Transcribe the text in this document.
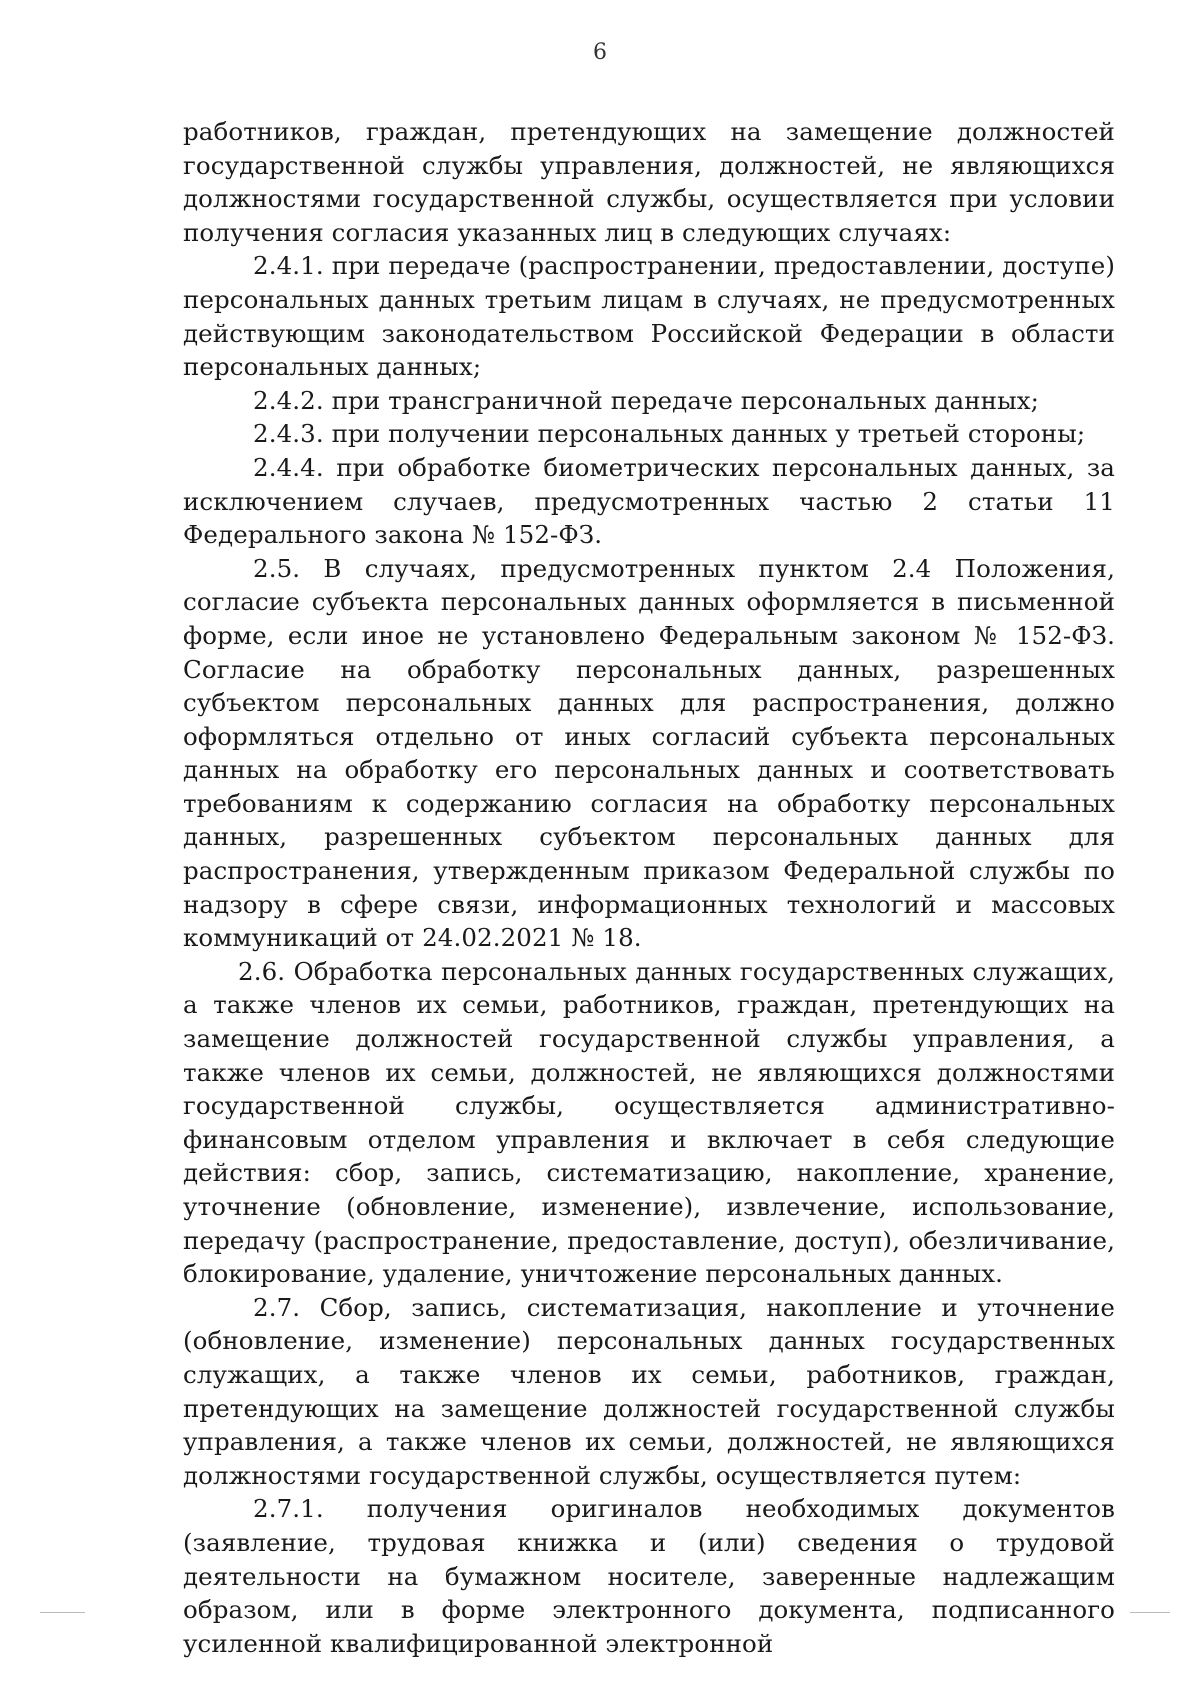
6

работников, граждан, претендующих на замещение должностей государственной службы управления, должностей, не являющихся должностями государственной службы, осуществляется при условии получения согласия указанных лиц в следующих случаях:

2.4.1. при передаче (распространении, предоставлении, доступе) персональных данных третьим лицам в случаях, не предусмотренных действующим законодательством Российской Федерации в области персональных данных;

2.4.2. при трансграничной передаче персональных данных;

2.4.3. при получении персональных данных у третьей стороны;

2.4.4. при обработке биометрических персональных данных, за исключением случаев, предусмотренных частью 2 статьи 11 Федерального закона № 152-ФЗ.

2.5. В случаях, предусмотренных пунктом 2.4 Положения, согласие субъекта персональных данных оформляется в письменной форме, если иное не установлено Федеральным законом № 152-ФЗ. Согласие на обработку персональных данных, разрешенных субъектом персональных данных для распространения, должно оформляться отдельно от иных согласий субъекта персональных данных на обработку его персональных данных и соответствовать требованиям к содержанию согласия на обработку персональных данных, разрешенных субъектом персональных данных для распространения, утвержденным приказом Федеральной службы по надзору в сфере связи, информационных технологий и массовых коммуникаций от 24.02.2021 № 18.

2.6. Обработка персональных данных государственных служащих, а также членов их семьи, работников, граждан, претендующих на замещение должностей государственной службы управления, а также членов их семьи, должностей, не являющихся должностями государственной службы, осуществляется административно-финансовым отделом управления и включает в себя следующие действия: сбор, запись, систематизацию, накопление, хранение, уточнение (обновление, изменение), извлечение, использование, передачу (распространение, предоставление, доступ), обезличивание, блокирование, удаление, уничтожение персональных данных.

2.7. Сбор, запись, систематизация, накопление и уточнение (обновление, изменение) персональных данных государственных служащих, а также членов их семьи, работников, граждан, претендующих на замещение должностей государственной службы управления, а также членов их семьи, должностей, не являющихся должностями государственной службы, осуществляется путем:

2.7.1. получения оригиналов необходимых документов (заявление, трудовая книжка и (или) сведения о трудовой деятельности на бумажном носителе, заверенные надлежащим образом, или в форме электронного документа, подписанного усиленной квалифицированной электронной
